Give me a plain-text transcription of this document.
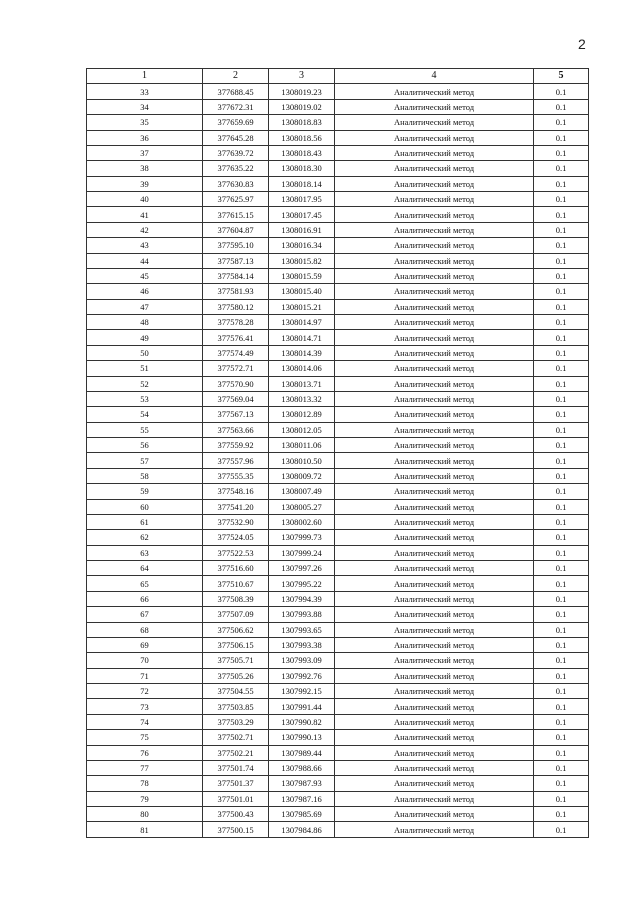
2
1	2	3	4	5
33	377688.45	1308019.23	Аналитический метод	0.1
34	377672.31	1308019.02	Аналитический метод	0.1
35	377659.69	1308018.83	Аналитический метод	0.1
36	377645.28	1308018.56	Аналитический метод	0.1
37	377639.72	1308018.43	Аналитический метод	0.1
38	377635.22	1308018.30	Аналитический метод	0.1
39	377630.83	1308018.14	Аналитический метод	0.1
40	377625.97	1308017.95	Аналитический метод	0.1
41	377615.15	1308017.45	Аналитический метод	0.1
42	377604.87	1308016.91	Аналитический метод	0.1
43	377595.10	1308016.34	Аналитический метод	0.1
44	377587.13	1308015.82	Аналитический метод	0.1
45	377584.14	1308015.59	Аналитический метод	0.1
46	377581.93	1308015.40	Аналитический метод	0.1
47	377580.12	1308015.21	Аналитический метод	0.1
48	377578.28	1308014.97	Аналитический метод	0.1
49	377576.41	1308014.71	Аналитический метод	0.1
50	377574.49	1308014.39	Аналитический метод	0.1
51	377572.71	1308014.06	Аналитический метод	0.1
52	377570.90	1308013.71	Аналитический метод	0.1
53	377569.04	1308013.32	Аналитический метод	0.1
54	377567.13	1308012.89	Аналитический метод	0.1
55	377563.66	1308012.05	Аналитический метод	0.1
56	377559.92	1308011.06	Аналитический метод	0.1
57	377557.96	1308010.50	Аналитический метод	0.1
58	377555.35	1308009.72	Аналитический метод	0.1
59	377548.16	1308007.49	Аналитический метод	0.1
60	377541.20	1308005.27	Аналитический метод	0.1
61	377532.90	1308002.60	Аналитический метод	0.1
62	377524.05	1307999.73	Аналитический метод	0.1
63	377522.53	1307999.24	Аналитический метод	0.1
64	377516.60	1307997.26	Аналитический метод	0.1
65	377510.67	1307995.22	Аналитический метод	0.1
66	377508.39	1307994.39	Аналитический метод	0.1
67	377507.09	1307993.88	Аналитический метод	0.1
68	377506.62	1307993.65	Аналитический метод	0.1
69	377506.15	1307993.38	Аналитический метод	0.1
70	377505.71	1307993.09	Аналитический метод	0.1
71	377505.26	1307992.76	Аналитический метод	0.1
72	377504.55	1307992.15	Аналитический метод	0.1
73	377503.85	1307991.44	Аналитический метод	0.1
74	377503.29	1307990.82	Аналитический метод	0.1
75	377502.71	1307990.13	Аналитический метод	0.1
76	377502.21	1307989.44	Аналитический метод	0.1
77	377501.74	1307988.66	Аналитический метод	0.1
78	377501.37	1307987.93	Аналитический метод	0.1
79	377501.01	1307987.16	Аналитический метод	0.1
80	377500.43	1307985.69	Аналитический метод	0.1
81	377500.15	1307984.86	Аналитический метод	0.1
